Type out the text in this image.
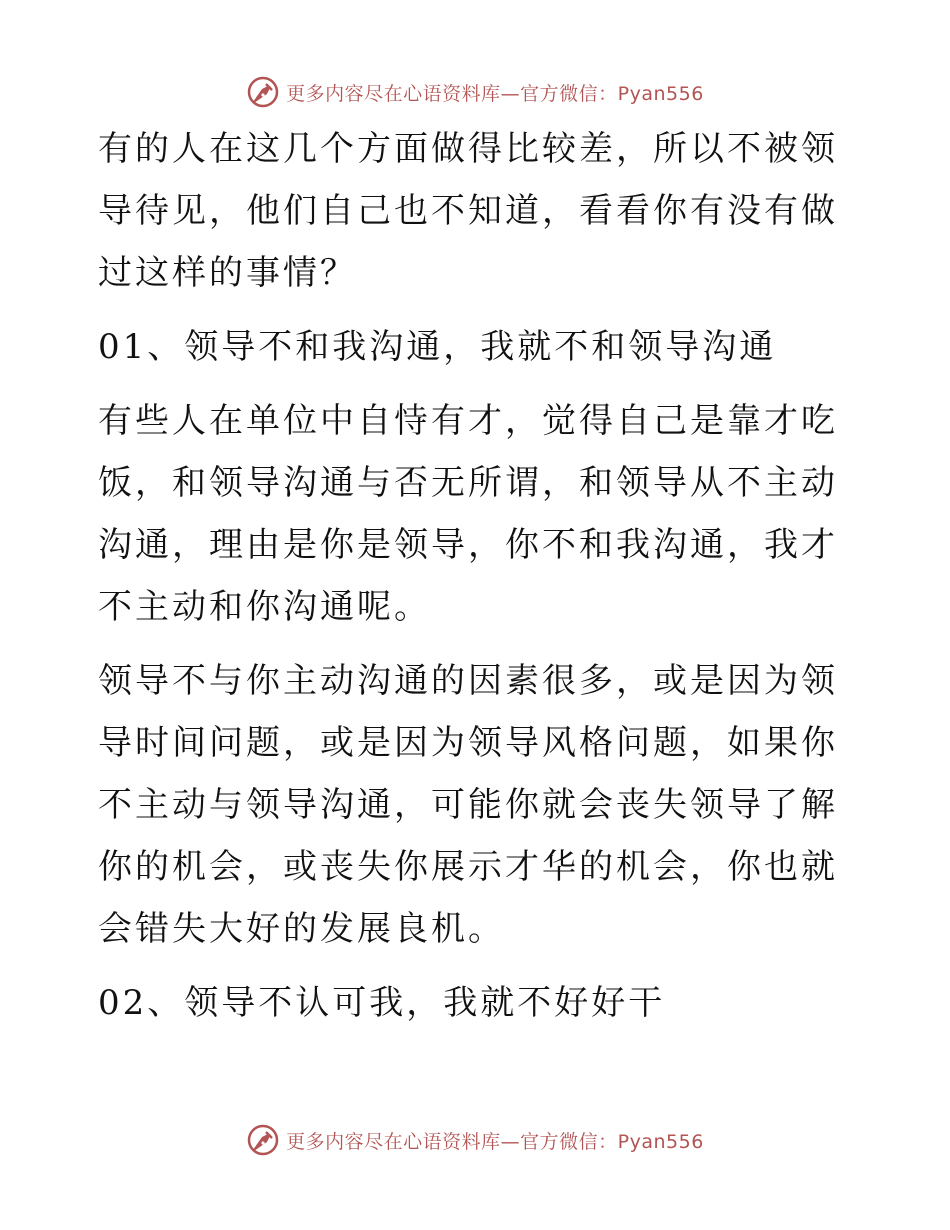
更多内容尽在心语资料库—官方微信：Pyan556

有的人在这几个方面做得比较差，所以不被领导待见，他们自己也不知道，看看你有没有做过这样的事情？

01、领导不和我沟通，我就不和领导沟通

有些人在单位中自恃有才，觉得自己是靠才吃饭，和领导沟通与否无所谓，和领导从不主动沟通，理由是你是领导，你不和我沟通，我才不主动和你沟通呢。

领导不与你主动沟通的因素很多，或是因为领导时间问题，或是因为领导风格问题，如果你不主动与领导沟通，可能你就会丧失领导了解你的机会，或丧失你展示才华的机会，你也就会错失大好的发展良机。

02、领导不认可我，我就不好好干

更多内容尽在心语资料库—官方微信：Pyan556
